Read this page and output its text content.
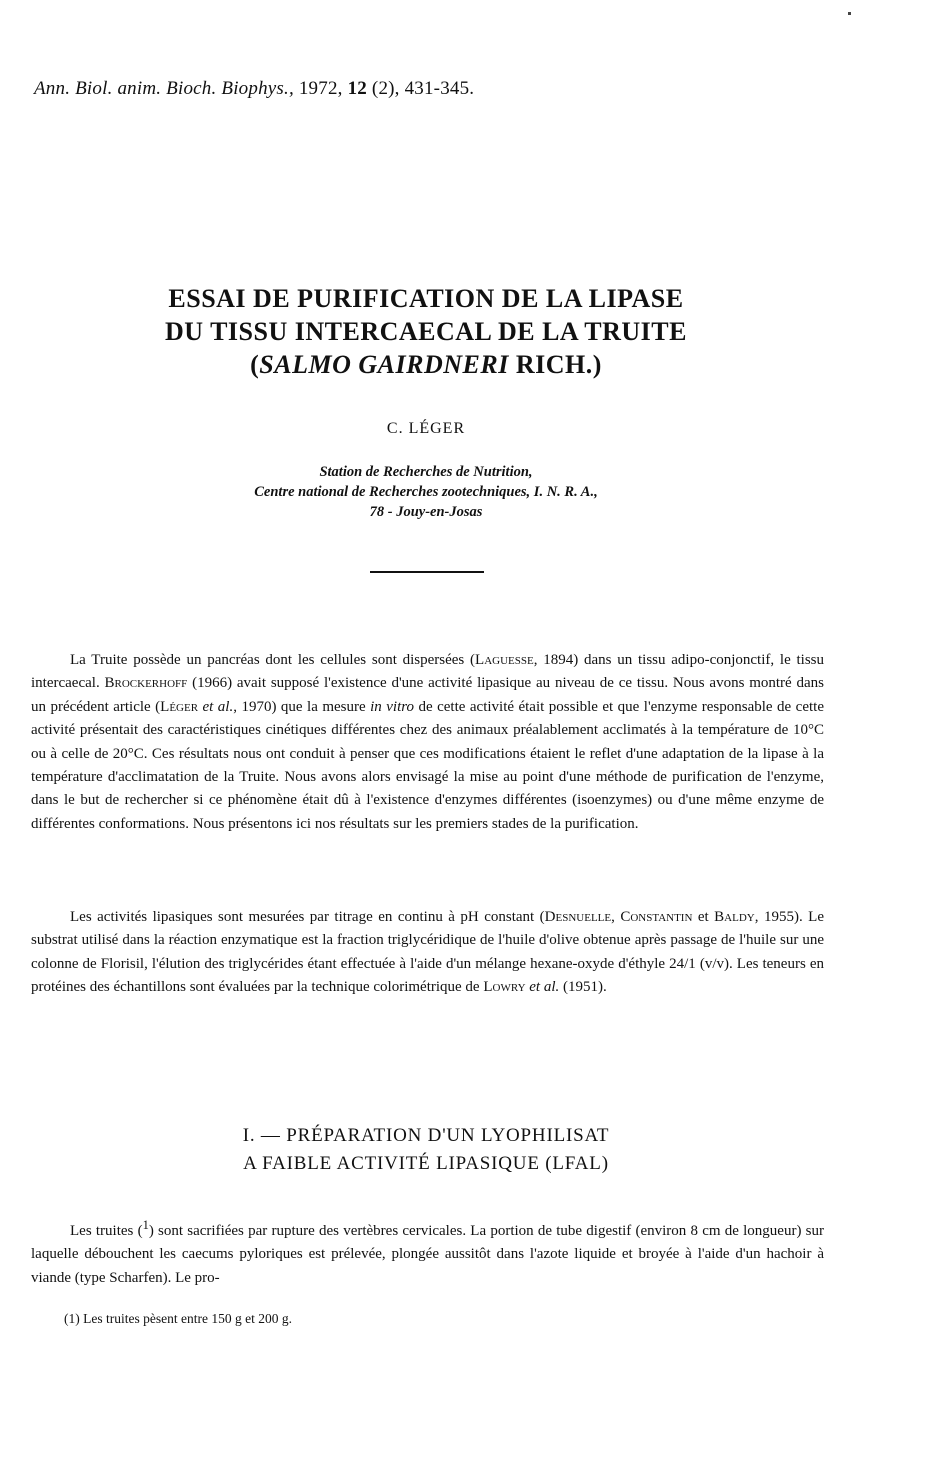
Ann. Biol. anim. Bioch. Biophys., 1972, 12 (2), 431-345.
ESSAI DE PURIFICATION DE LA LIPASE
DU TISSU INTERCAECAL DE LA TRUITE
(SALMO GAIRDNERI RICH.)
C. LÉGER
Station de Recherches de Nutrition,
Centre national de Recherches zootechniques, I. N. R. A.,
78 - Jouy-en-Josas

La Truite possède un pancréas dont les cellules sont dispersées (Laguesse, 1894) dans un tissu adipo-conjonctif, le tissu intercaecal. Brockerhoff (1966) avait supposé l'existence d'une activité lipasique au niveau de ce tissu. Nous avons montré dans un précédent article (Léger et al., 1970) que la mesure in vitro de cette activité était possible et que l'enzyme responsable de cette activité présentait des caractéristiques cinétiques différentes chez des animaux préalablement acclimatés à la température de 10°C ou à celle de 20°C. Ces résultats nous ont conduit à penser que ces modifications étaient le reflet d'une adaptation de la lipase à la température d'acclimatation de la Truite. Nous avons alors envisagé la mise au point d'une méthode de purification de l'enzyme, dans le but de rechercher si ce phénomène était dû à l'existence d'enzymes différentes (isoenzymes) ou d'une même enzyme de différentes conformations. Nous présentons ici nos résultats sur les premiers stades de la purification.

Les activités lipasiques sont mesurées par titrage en continu à pH constant (Desnuelle, Constantin et Baldy, 1955). Le substrat utilisé dans la réaction enzymatique est la fraction triglycéridique de l'huile d'olive obtenue après passage de l'huile sur une colonne de Florisil, l'élution des triglycérides étant effectuée à l'aide d'un mélange hexane-oxyde d'éthyle 24/1 (v/v). Les teneurs en protéines des échantillons sont évaluées par la technique colorimétrique de Lowry et al. (1951).

I. — PRÉPARATION D'UN LYOPHILISAT
A FAIBLE ACTIVITÉ LIPASIQUE (LFAL)

Les truites ($^1$) sont sacrifiées par rupture des vertèbres cervicales. La portion de tube digestif (environ 8 cm de longueur) sur laquelle débouchent les caecums pyloriques est prélevée, plongée aussitôt dans l'azote liquide et broyée à l'aide d'un hachoir à viande (type Scharfen). Le pro-

(1) Les truites pèsent entre 150 g et 200 g.
